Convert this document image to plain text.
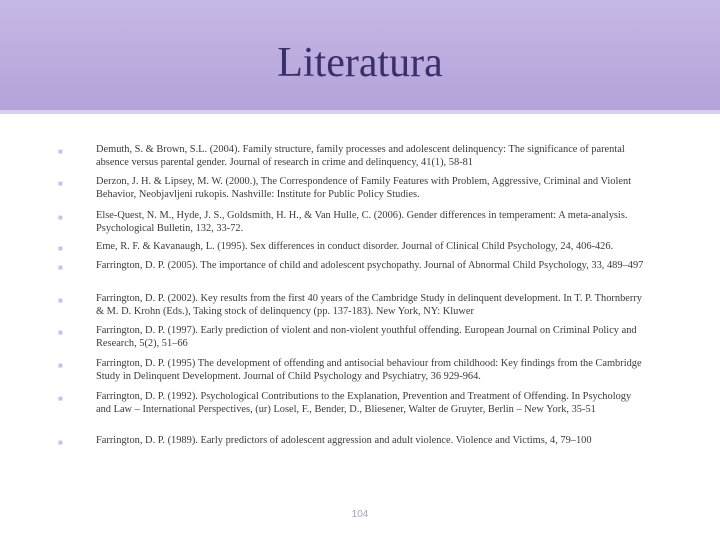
Literatura
■	Demuth, S. & Brown, S.L. (2004). Family structure, family processes and adolescent delinquency: The significance of parental absence versus parental gender. Journal of research in crime and delinquency, 41(1), 58-81
■	Derzon, J. H. & Lipsey, M. W. (2000.), The Correspondence of Family Features with Problem, Aggressive, Criminal and Violent Behavior, Neobjavljeni rukopis. Nashville: Institute for Public Policy Studies.
■	Else-Quest, N. M., Hyde, J. S., Goldsmith, H. H., & Van Hulle, C. (2006). Gender differences in temperament: A meta-analysis. Psychological Bulletin, 132, 33-72.
■	Eme, R. F. & Kavanaugh, L. (1995). Sex differences in conduct disorder. Journal of Clinical Child Psychology, 24, 406-426.
■	Farrington, D. P. (2005). The importance of child and adolescent psychopathy. Journal of Abnormal Child Psychology, 33, 489–497
■	Farrington, D. P. (2002). Key results from the first 40 years of the Cambridge Study in delinquent development. In T. P. Thornberry & M. D. Krohn (Eds.), Taking stock of delinquency (pp. 137-183). New York, NY: Kluwer
■	Farrington, D. P. (1997). Early prediction of violent and non-violent youthful offending. European Journal on Criminal Policy and Research, 5(2), 51–66
■	Farrington, D. P. (1995) The development of offending and antisocial behaviour from childhood: Key findings from the Cambridge Study in Delinquent Development. Journal of Child Psychology and Psychiatry, 36 929-964.
■	Farrington, D. P. (1992). Psychological Contributions to the Explanation, Prevention and Treatment of Offending. In Psychology and Law – International Perspectives, (ur) Losel, F., Bender, D., Bliesener, Walter de Gruyter, Berlin – New York, 35-51
■	Farrington, D. P. (1989). Early predictors of adolescent aggression and adult violence. Violence and Victims, 4, 79–100
104
